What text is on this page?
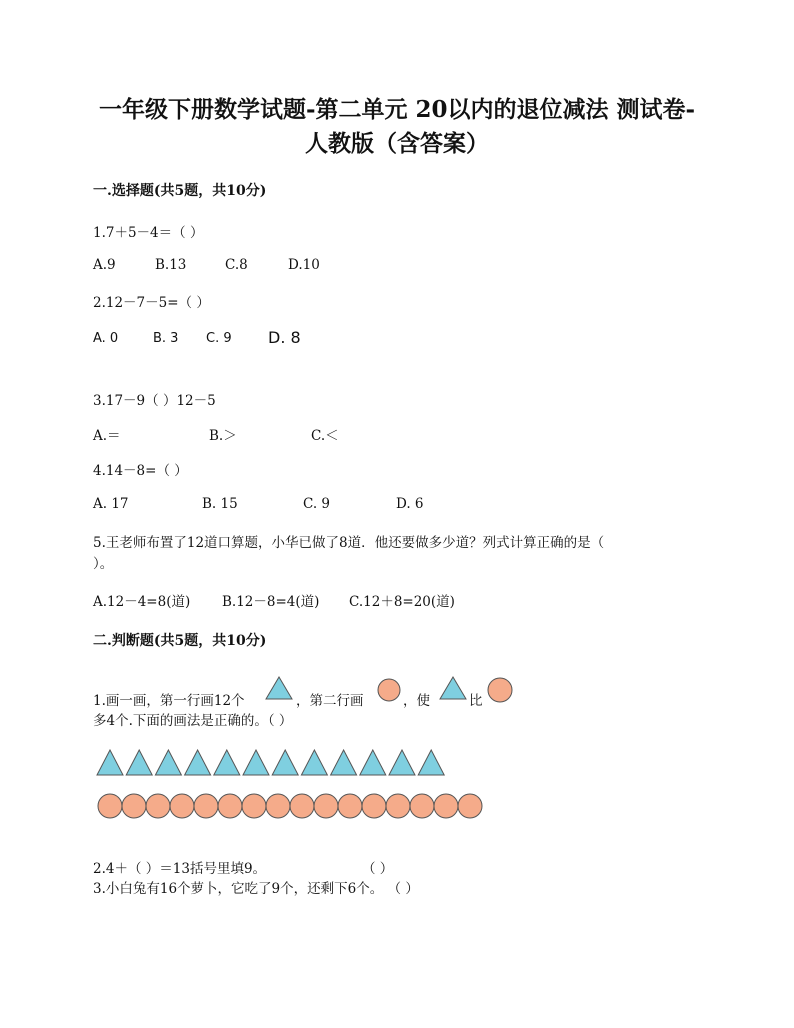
一年级下册数学试题-第二单元 20以内的退位减法 测试卷-
人教版（含答案）
一.选择题(共5题，共10分)
1.7＋5－4＝（ ）
A.9	B.13	C.8	D.10
2.12－7－5=（ ）
A. 0	B. 3 C. 9 D. 8
3.17－9（ ）12－5
A.＝	B.＞	C.＜
4.14－8=（ ）
A. 17	B. 15	C. 9	D. 6
5.王老师布置了12道口算题，小华已做了8道．他还要做多少道？列式计算正确的是（
）。
A.12－4=8(道) B.12－8=4(道) C.12＋8=20(道)
二.判断题(共5题，共10分)
1.画一画，第一行画12个	，第二行画	，使	比
多4个.下面的画法是正确的。（ ）
2.4＋（ ）＝13括号里填9。	（ ）
3.小白兔有16个萝卜，它吃了9个，还剩下6个。 （ ）
